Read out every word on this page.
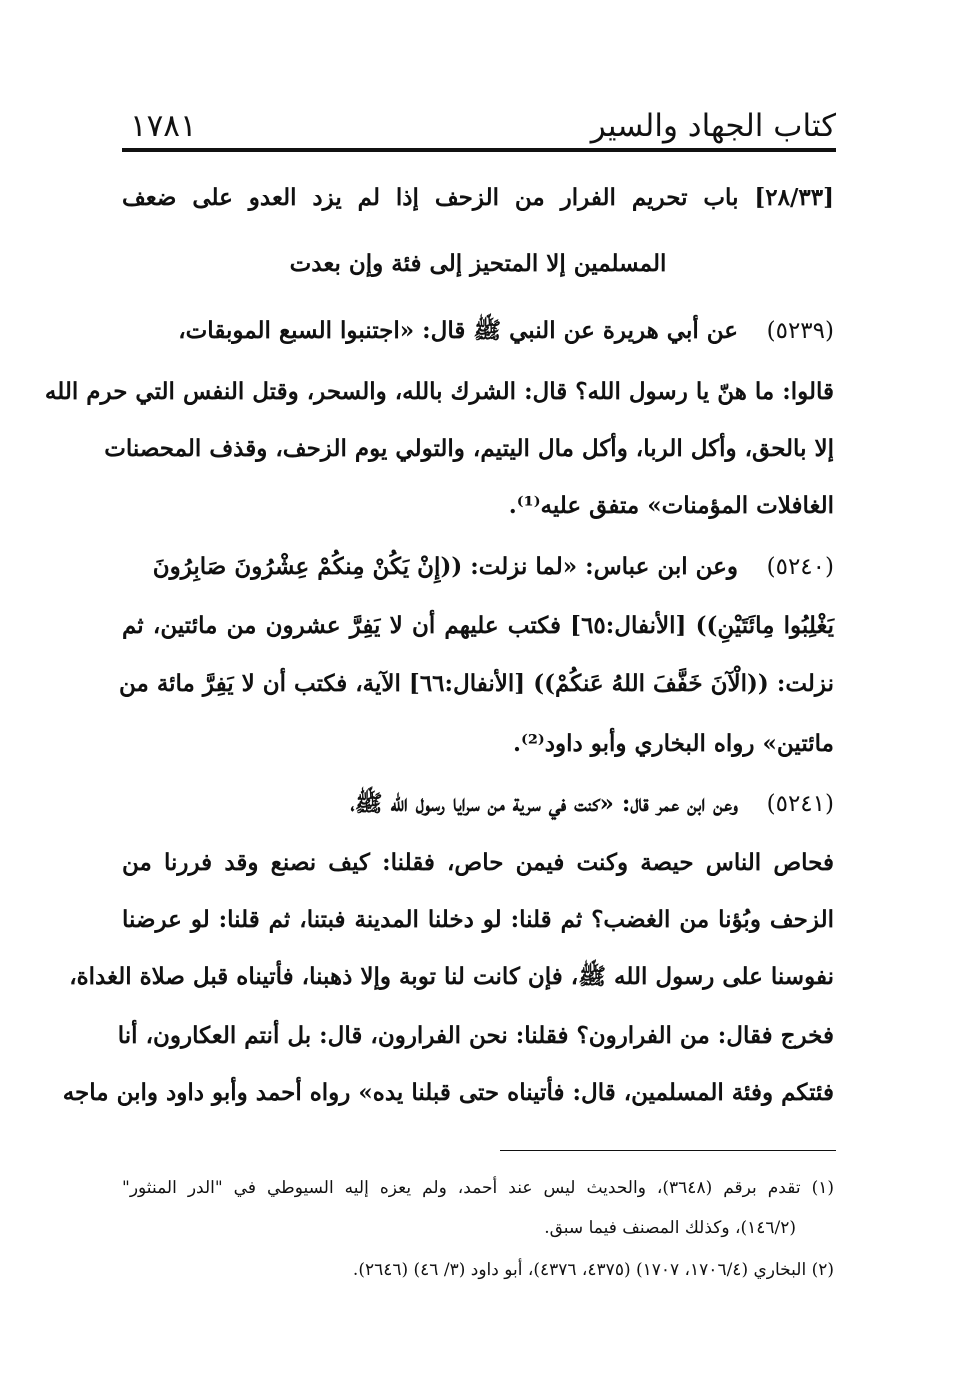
كتاب الجهاد والسير
١٧٨١
[٢٨/٣٣] باب تحريم الفرار من الزحف إذا لم يزد العدو على ضعف
المسلمين إلا المتحيز إلى فئة وإن بعدت
(٥٢٣٩)
عن أبي هريرة عن النبي ﷺ قال: «اجتنبوا السبع الموبقات،
قالوا: ما هنّ يا رسول الله؟ قال: الشرك بالله، والسحر، وقتل النفس التي حرم الله
إلا بالحق، وأكل الربا، وأكل مال اليتيم، والتولي يوم الزحف، وقذف المحصنات
الغافلات المؤمنات» متفق عليه⁽¹⁾.
(٥٢٤٠)
وعن ابن عباس: «لما نزلت: ((إِنْ يَكُنْ مِنكُمْ عِشْرُونَ صَابِرُونَ
يَغْلِبُوا مِائَتَيْنِ)) [الأنفال:٦٥] فكتب عليهم أن لا يَفِرَّ عشرون من مائتين، ثم
نزلت: ((الْآنَ خَفَّفَ اللهُ عَنكُمْ)) [الأنفال:٦٦] الآية، فكتب أن لا يَفِرَّ مائة من
مائتين» رواه البخاري وأبو داود⁽²⁾.
(٥٢٤١)
وعن ابن عمر قال: «كنت في سرية من سرايا رسول الله ﷺ،
فحاص الناس حيصة وكنت فيمن حاص، فقلنا: كيف نصنع وقد فررنا من
الزحف وبُؤنا من الغضب؟ ثم قلنا: لو دخلنا المدينة فبتنا، ثم قلنا: لو عرضنا
نفوسنا على رسول الله ﷺ، فإن كانت لنا توبة وإلا ذهبنا، فأتيناه قبل صلاة الغداة،
فخرج فقال: من الفرارون؟ فقلنا: نحن الفرارون، قال: بل أنتم العكارون، أنا
فئتكم وفئة المسلمين، قال: فأتيناه حتى قبلنا يده» رواه أحمد وأبو داود وابن ماجه
(١) تقدم برقم (٣٦٤٨)، والحديث ليس عند أحمد، ولم يعزه إليه السيوطي في "الدر المنثور"
(١٤٦/٢)، وكذلك المصنف فيما سبق.
(٢) البخاري (١٧٠٦/٤، ١٧٠٧) (٤٣٧٥، ٤٣٧٦)، أبو داود (٣/ ٤٦) (٢٦٤٦).
